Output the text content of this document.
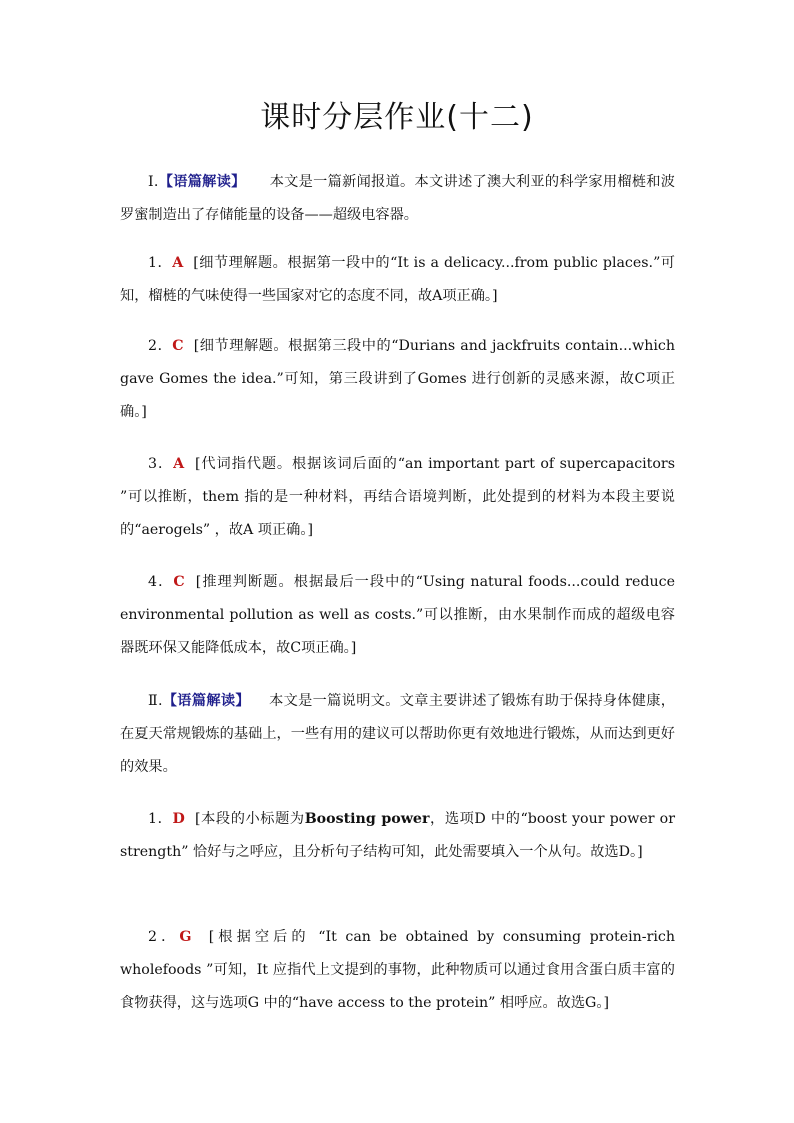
课时分层作业(十二)
Ⅰ.【语篇解读】 本文是一篇新闻报道。本文讲述了澳大利亚的科学家用榴梿和波罗蜜制造出了存储能量的设备——超级电容器。
1．A [细节理解题。根据第一段中的“It is a delicacy...from public places.”可知，榴梿的气味使得一些国家对它的态度不同，故A项正确。]
2．C [细节理解题。根据第三段中的“Durians and jackfruits contain...which gave Gomes the idea.”可知，第三段讲到了Gomes 进行创新的灵感来源，故C项正确。]
3．A [代词指代题。根据该词后面的“an important part of supercapacitors ”可以推断，them 指的是一种材料，再结合语境判断，此处提到的材料为本段主要说的“aerogels” ，故A 项正确。]
4．C [推理判断题。根据最后一段中的“Using natural foods...could reduce environmental pollution as well as costs.”可以推断，由水果制作而成的超级电容器既环保又能降低成本，故C项正确。]
Ⅱ.【语篇解读】 本文是一篇说明文。文章主要讲述了锻炼有助于保持身体健康，在夏天常规锻炼的基础上，一些有用的建议可以帮助你更有效地进行锻炼，从而达到更好的效果。
1．D [本段的小标题为Boosting power，选项D 中的“boost your power or strength” 恰好与之呼应，且分析句子结构可知，此处需要填入一个从句。故选D。]
2．G [根据空后的 “It can be obtained by consuming protein-rich wholefoods ”可知，It 应指代上文提到的事物，此种物质可以通过食用含蛋白质丰富的食物获得，这与选项G 中的“have access to the protein” 相呼应。故选G。]
